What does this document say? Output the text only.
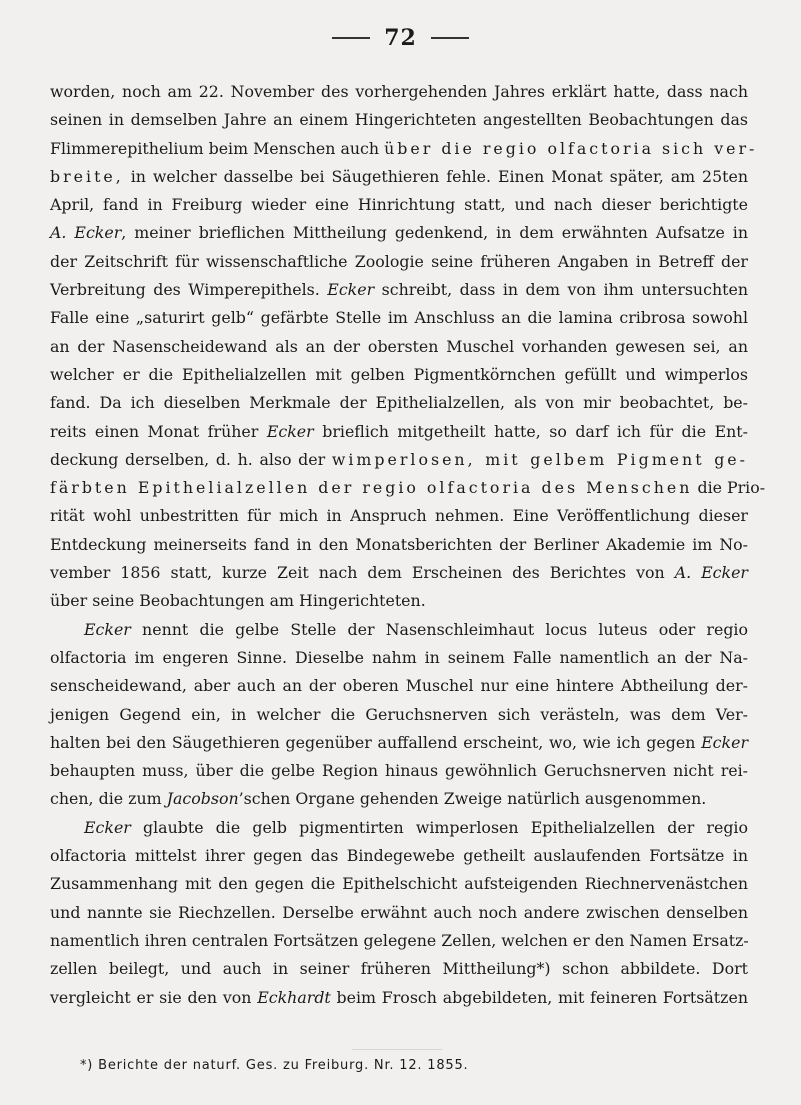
72
worden, noch am 22. November des vorhergehenden Jahres erklärt hatte, dass nach
seinen in demselben Jahre an einem Hingerichteten angestellten Beobachtungen das
Flimmerepithelium beim Menschen auch über die regio olfactoria sich ver-
breite, in welcher dasselbe bei Säugethieren fehle. Einen Monat später, am 25ten
April, fand in Freiburg wieder eine Hinrichtung statt, und nach dieser berichtigte
A. Ecker, meiner brieflichen Mittheilung gedenkend, in dem erwähnten Aufsatze in
der Zeitschrift für wissenschaftliche Zoologie seine früheren Angaben in Betreff der
Verbreitung des Wimperepithels. Ecker schreibt, dass in dem von ihm untersuchten
Falle eine „saturirt gelb“ gefärbte Stelle im Anschluss an die lamina cribrosa sowohl
an der Nasenscheidewand als an der obersten Muschel vorhanden gewesen sei, an
welcher er die Epithelialzellen mit gelben Pigmentkörnchen gefüllt und wimperlos
fand. Da ich dieselben Merkmale der Epithelialzellen, als von mir beobachtet, be-
reits einen Monat früher Ecker brieflich mitgetheilt hatte, so darf ich für die Ent-
deckung derselben, d. h. also der wimperlosen, mit gelbem Pigment ge-
färbten Epithelialzellen der regio olfactoria des Menschen die Prio-
rität wohl unbestritten für mich in Anspruch nehmen. Eine Veröffentlichung dieser
Entdeckung meinerseits fand in den Monatsberichten der Berliner Akademie im No-
vember 1856 statt, kurze Zeit nach dem Erscheinen des Berichtes von A. Ecker
über seine Beobachtungen am Hingerichteten.
Ecker nennt die gelbe Stelle der Nasenschleimhaut locus luteus oder regio
olfactoria im engeren Sinne. Dieselbe nahm in seinem Falle namentlich an der Na-
senscheidewand, aber auch an der oberen Muschel nur eine hintere Abtheilung der-
jenigen Gegend ein, in welcher die Geruchsnerven sich verästeln, was dem Ver-
halten bei den Säugethieren gegenüber auffallend erscheint, wo, wie ich gegen Ecker
behaupten muss, über die gelbe Region hinaus gewöhnlich Geruchsnerven nicht rei-
chen, die zum Jacobson’schen Organe gehenden Zweige natürlich ausgenommen.
Ecker glaubte die gelb pigmentirten wimperlosen Epithelialzellen der regio
olfactoria mittelst ihrer gegen das Bindegewebe getheilt auslaufenden Fortsätze in
Zusammenhang mit den gegen die Epithelschicht aufsteigenden Riechnervenästchen
und nannte sie Riechzellen. Derselbe erwähnt auch noch andere zwischen denselben
namentlich ihren centralen Fortsätzen gelegene Zellen, welchen er den Namen Ersatz-
zellen beilegt, und auch in seiner früheren Mittheilung*) schon abbildete. Dort
vergleicht er sie den von Eckhardt beim Frosch abgebildeten, mit feineren Fortsätzen
*) Berichte der naturf. Ges. zu Freiburg. Nr. 12. 1855.
